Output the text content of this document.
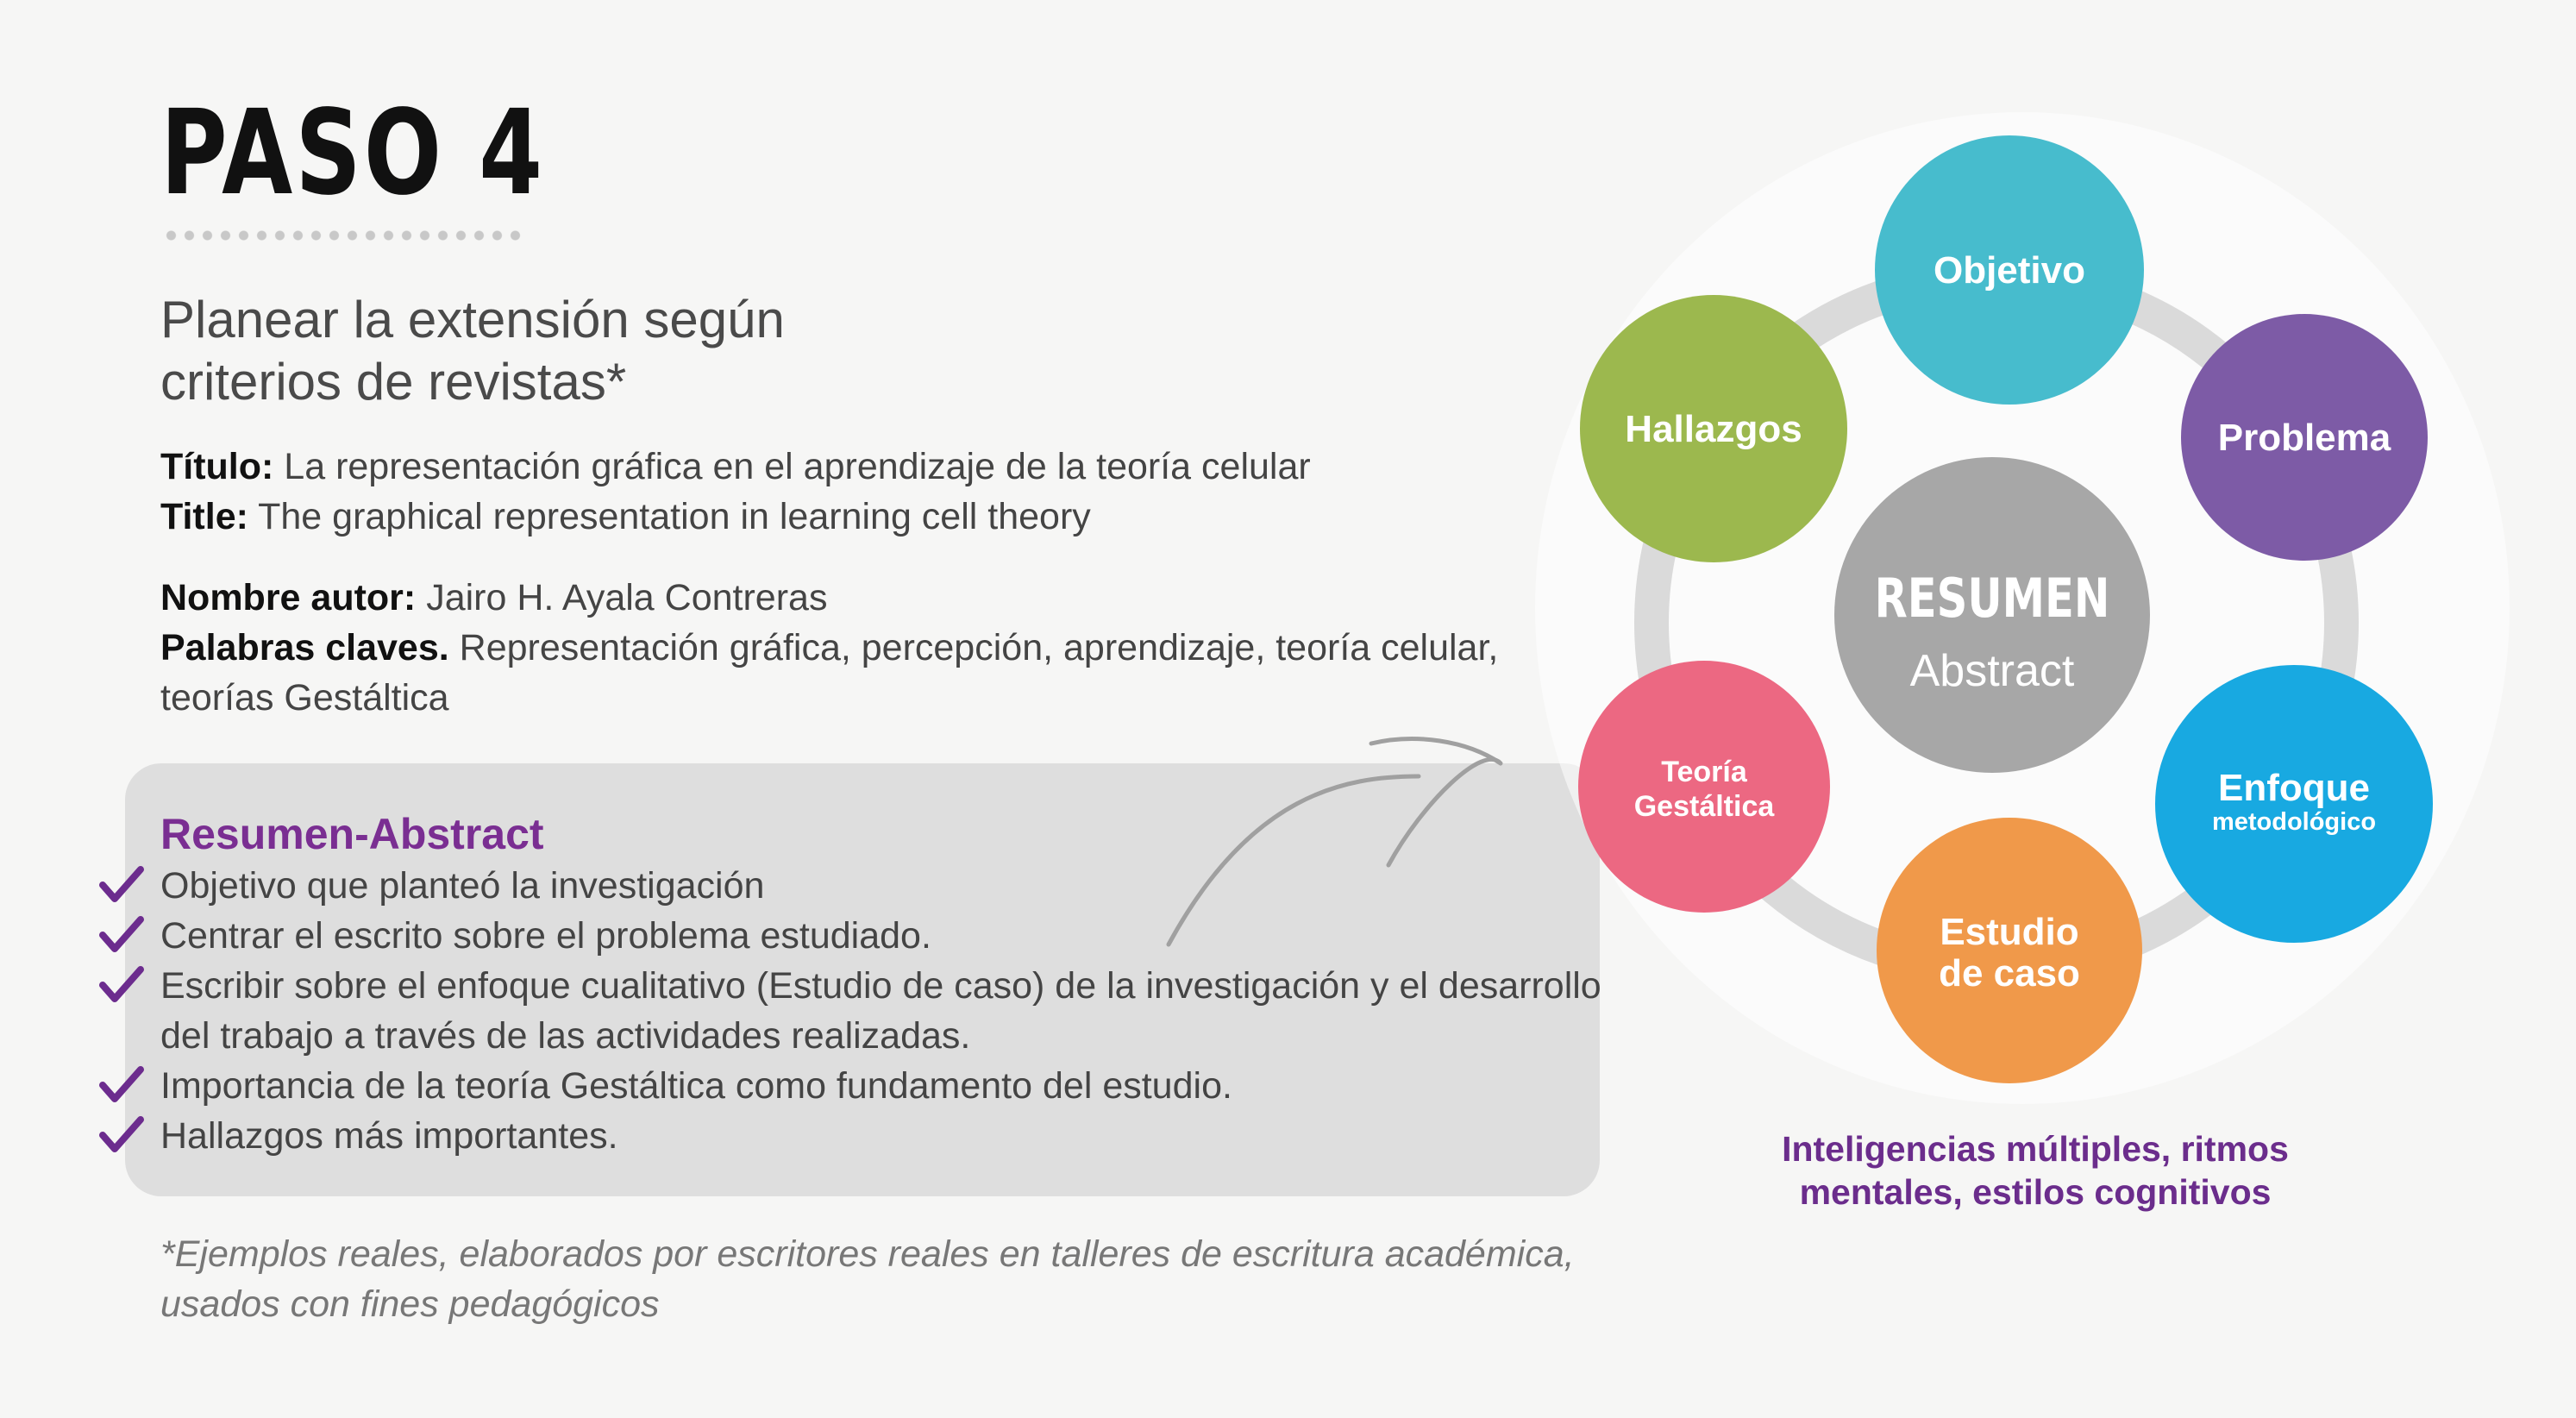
PASO 4
Planear la extensión según
criterios de revistas*
Título: La representación gráfica en el aprendizaje de la teoría celular
Title: The graphical representation in learning cell theory
Nombre autor: Jairo H. Ayala Contreras
Palabras claves. Representación gráfica, percepción, aprendizaje, teoría celular, teorías Gestáltica
Resumen-Abstract
Objetivo que planteó la investigación
Centrar el escrito sobre el problema estudiado.
Escribir sobre el enfoque cualitativo (Estudio de caso) de la investigación y el desarrollo del trabajo a través de las actividades realizadas.
Importancia de la teoría Gestáltica como fundamento del estudio.
Hallazgos más importantes.
*Ejemplos reales, elaborados por escritores reales en talleres de escritura académica, usados con fines pedagógicos
RESUMEN
Abstract
Objetivo
Problema
Enfoque
metodológico
Estudio
de caso
Teoría
Gestáltica
Hallazgos
Inteligencias múltiples, ritmos
mentales, estilos cognitivos
